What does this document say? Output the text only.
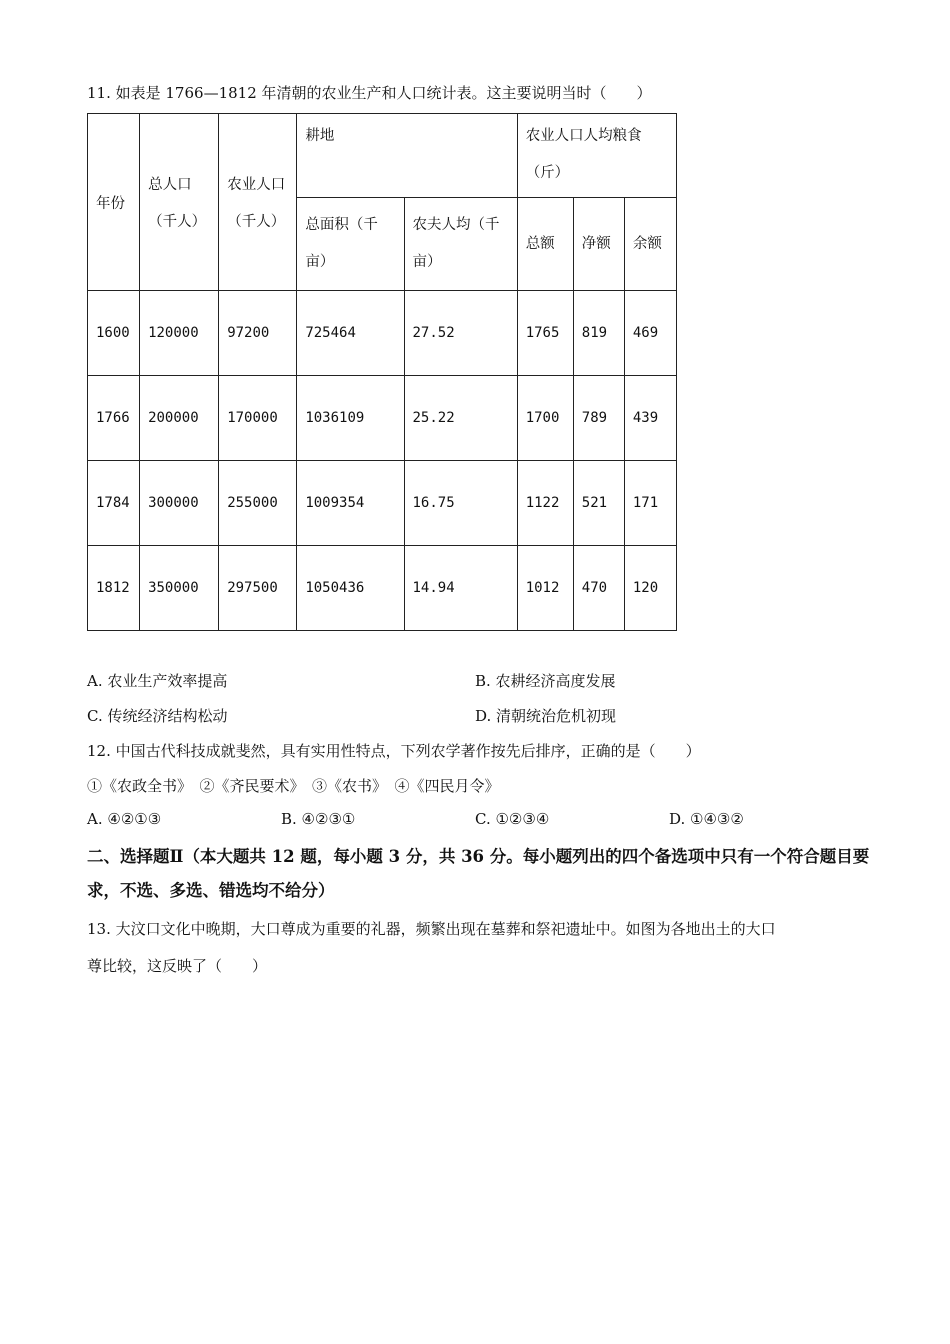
11. 如表是 1766—1812 年清朝的农业生产和人口统计表。这主要说明当时（　　）
年份	总人口（千人）	农业人口（千人）	耕地		农业人口人均粮食（斤）		
			总面积（千亩）	农夫人均（千亩）	总额	净额	余额
1600	120000	97200	725464	27.52	1765	819	469
1766	200000	170000	1036109	25.22	1700	789	439
1784	300000	255000	1009354	16.75	1122	521	171
1812	350000	297500	1050436	14.94	1012	470	120
A. 农业生产效率提高	B. 农耕经济高度发展
C. 传统经济结构松动	D. 清朝统治危机初现
12. 中国古代科技成就斐然，具有实用性特点，下列农学著作按先后排序，正确的是（　　）
①《农政全书》　②《齐民要术》　③《农书》　④《四民月令》
A. ④②①③	B. ④②③①	C. ①②③④	D. ①④③②
二、选择题Ⅱ（本大题共 12 题，每小题 3 分，共 36 分。每小题列出的四个备选项中只有一个符合题目要求，不选、多选、错选均不给分）
13. 大汶口文化中晚期，大口尊成为重要的礼器，频繁出现在墓葬和祭祀遗址中。如图为各地出土的大口
尊比较，这反映了（　　）
